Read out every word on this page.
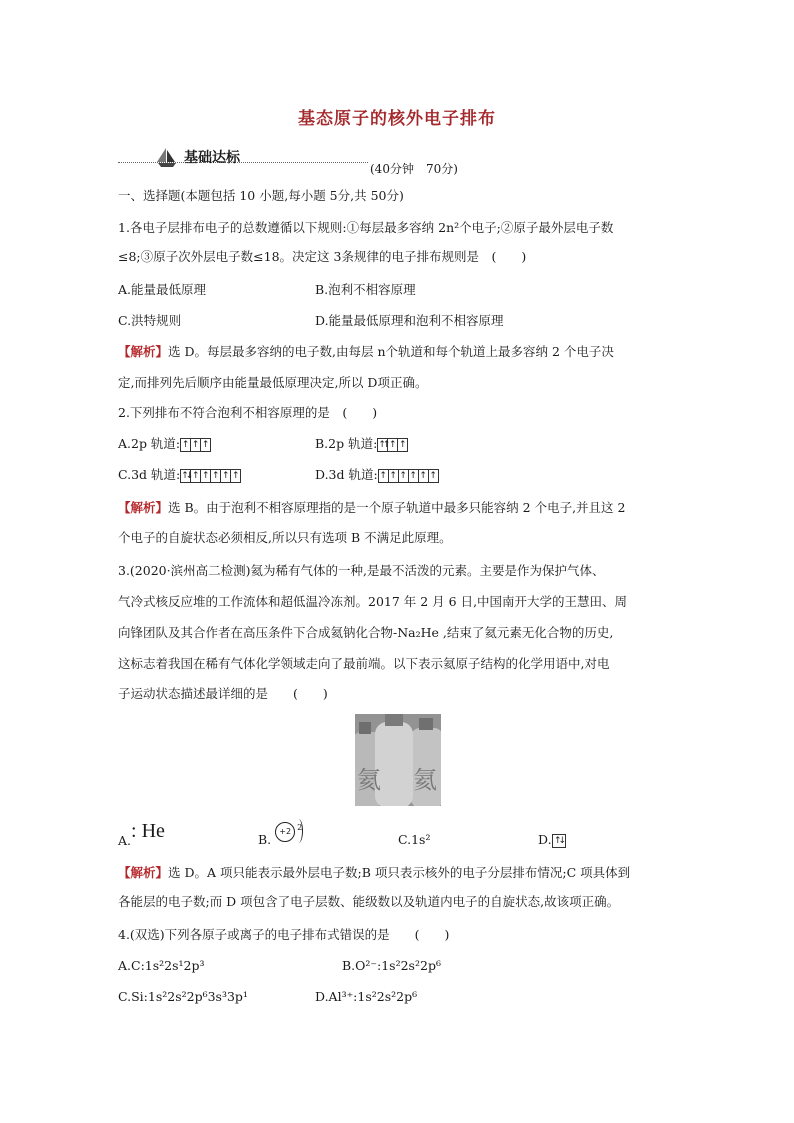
基态原子的核外电子排布
基础达标
(40分钟　70分)
一、选择题(本题包括 10 小题,每小题 5分,共 50分)
1.各电子层排布电子的总数遵循以下规则:①每层最多容纳 2n²个电子;②原子最外层电子数
≤8;③原子次外层电子数≤18。决定这 3条规律的电子排布规则是　(　　)
A.能量最低原理	B.泡利不相容原理
C.洪特规则	D.能量最低原理和泡利不相容原理
【解析】选 D。每层最多容纳的电子数,由每层 n个轨道和每个轨道上最多容纳 2 个电子决
定,而排列先后顺序由能量最低原理决定,所以 D项正确。
2.下列排布不符合泡利不相容原理的是　(　　)
A.2p 轨道: ↑ ↑ ↑	B.2p 轨道:↑↑ ↑ ↑
C.3d 轨道:↑↓ ↑ ↑ ↑ ↑ ↑	D.3d 轨道: ↑ ↑ ↑ ↑ ↑ ↑
【解析】选 B。由于泡利不相容原理指的是一个原子轨道中最多只能容纳 2 个电子,并且这 2
个电子的自旋状态必须相反,所以只有选项 B 不满足此原理。
3.(2020·滨州高二检测)氦为稀有气体的一种,是最不活泼的元素。主要是作为保护气体、
气冷式核反应堆的工作流体和超低温冷冻剂。2017 年 2 月 6 日,中国南开大学的王慧田、周
向锋团队及其合作者在高压条件下合成氦钠化合物-Na₂He ,结束了氦元素无化合物的历史,
这标志着我国在稀有气体化学领域走向了最前端。以下表示氦原子结构的化学用语中,对电
子运动状态描述最详细的是　　(　　)
氦 氦
A.: He	B.	+2 2
C.1s²	D. ↑↓
【解析】选 D。A 项只能表示最外层电子数;B 项只表示核外的电子分层排布情况;C 项具体到
各能层的电子数;而 D 项包含了电子层数、能级数以及轨道内电子的自旋状态,故该项正确。
4.(双选)下列各原子或离子的电子排布式错误的是　　(　　)
A.C:1s²2s¹2p³	B.O²⁻:1s²2s²2p⁶
C.Si:1s²2s²2p⁶3s³3p¹	D.Al³⁺:1s²2s²2p⁶
